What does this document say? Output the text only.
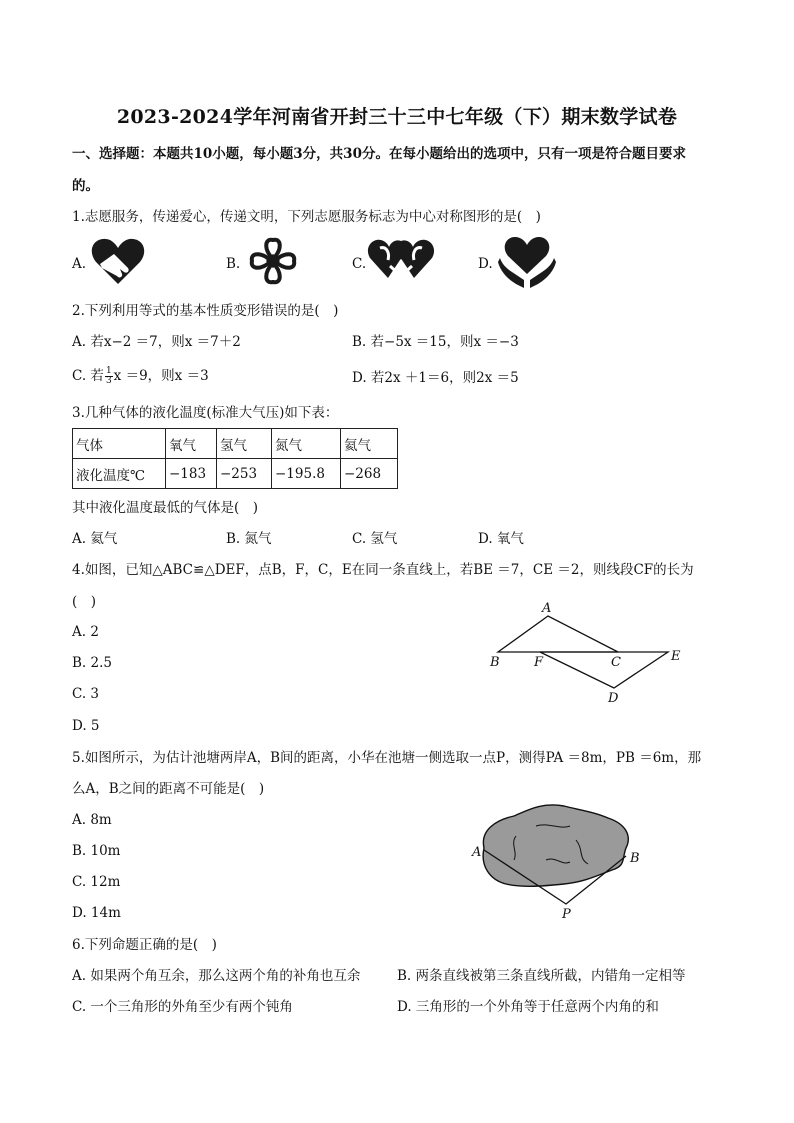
2023-2024学年河南省开封三十三中七年级（下）期末数学试卷
一、选择题：本题共10小题，每小题3分，共30分。在每小题给出的选项中，只有一项是符合题目要求
的。
1.志愿服务，传递爱心，传递文明，下列志愿服务标志为中心对称图形的是(　)
A.	B.	C.	D.
2.下列利用等式的基本性质变形错误的是(　)
A. 若x−2 ＝7，则x ＝7＋2	B. 若−5x ＝15，则x ＝−3
C. 若 $\frac{1}{3}$ x ＝9，则x ＝3	D. 若2x ＋1＝6，则2x ＝5
3.几种气体的液化温度(标准大气压)如下表：
气体	氧气	氢气	氮气	氦气
液化温度℃	−183	−253	−195.8	−268
其中液化温度最低的气体是(　)
A. 氦气	B. 氮气	C. 氢气	D. 氧气
4.如图，已知△ABC≌△DEF，点B，F，C，E在同一条直线上，若BE ＝7，CE ＝2，则线段CF的长为
(　)
A. 2
B. 2.5
C. 3
D. 5
A
B	F	C	E
D
5.如图所示，为估计池塘两岸A，B间的距离，小华在池塘一侧选取一点P，测得PA ＝8m，PB ＝6m，那
么A，B之间的距离不可能是(　)
A. 8m
B. 10m
C. 12m
D. 14m
A	B
P
6.下列命题正确的是(　)
A. 如果两个角互余，那么这两个角的补角也互余	B. 两条直线被第三条直线所截，内错角一定相等
C. 一个三角形的外角至少有两个钝角	D. 三角形的一个外角等于任意两个内角的和
